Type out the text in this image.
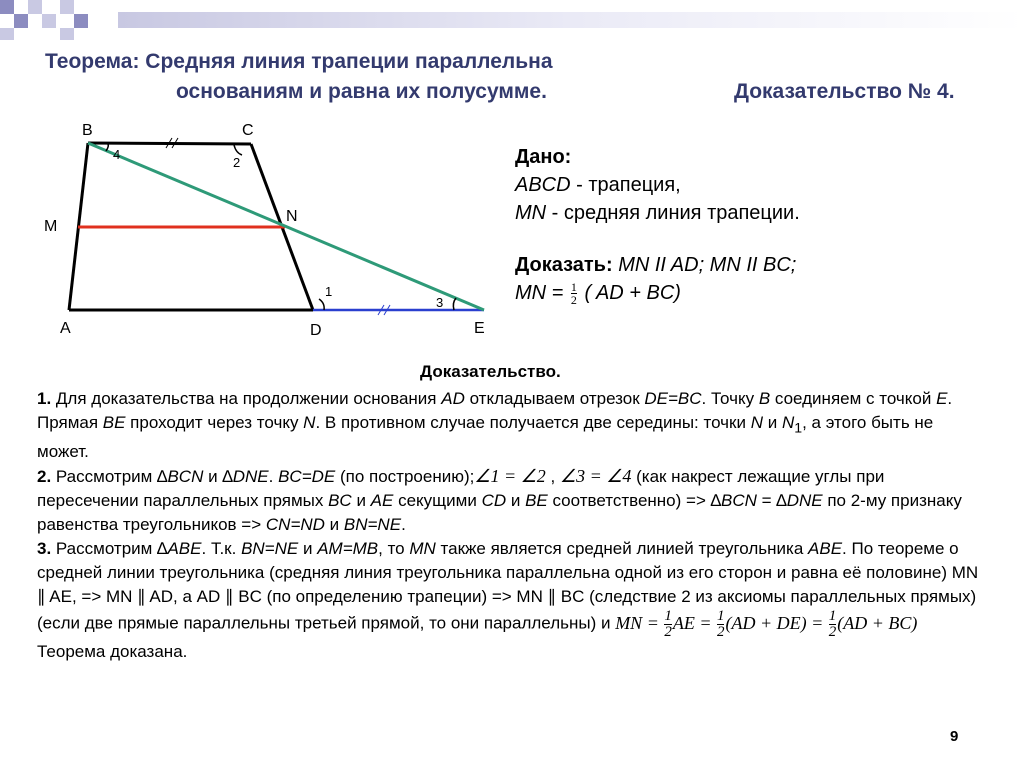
Теорема: Средняя линия трапеции параллельна
основаниям и равна их полусумме.	Доказательство № 4.
B	C
M
N
A	D	E
4
2
1
3
Дано:
ABCD - трапеция,
MN - средняя линия трапеции.
Доказать: MN II AD; MN II BC;
MN = $\frac{1}{2}$ ( AD + BC)
Доказательство.

1. Для доказательства на продолжении основания AD откладываем отрезок DE=BC. Точку B соединяем с точкой E. Прямая BE проходит через точку N. В противном случае получается две середины: точки N и $N_1$, а этого быть не может.

2. Рассмотрим ∆BCN и ∆DNE. BC=DE (по построению);∠1 = ∠2 , ∠3 = ∠4 (как накрест лежащие углы при пересечении параллельных прямых BC и AE секущими CD и BE соответственно) => ∆BCN = ∆DNE по 2-му признаку равенства треугольников => CN=ND и BN=NE.

3. Рассмотрим ∆ABE. Т.к. BN=NE и AM=MB, то MN также является средней линией треугольника ABE. По теореме о средней линии треугольника (средняя линия треугольника параллельна одной из его сторон и равна её половине) MN ∥ AE, => MN ∥ AD, а AD ∥ BC (по определению трапеции) => MN ∥ BC (следствие 2 из аксиомы параллельных прямых) (если две прямые параллельны третьей прямой, то они параллельны) и MN = $\frac{1}{2}$ AE = $\frac{1}{2} (AD + DE) = \frac{1}{2} (AD + BC)$ Теорема доказана.

9
